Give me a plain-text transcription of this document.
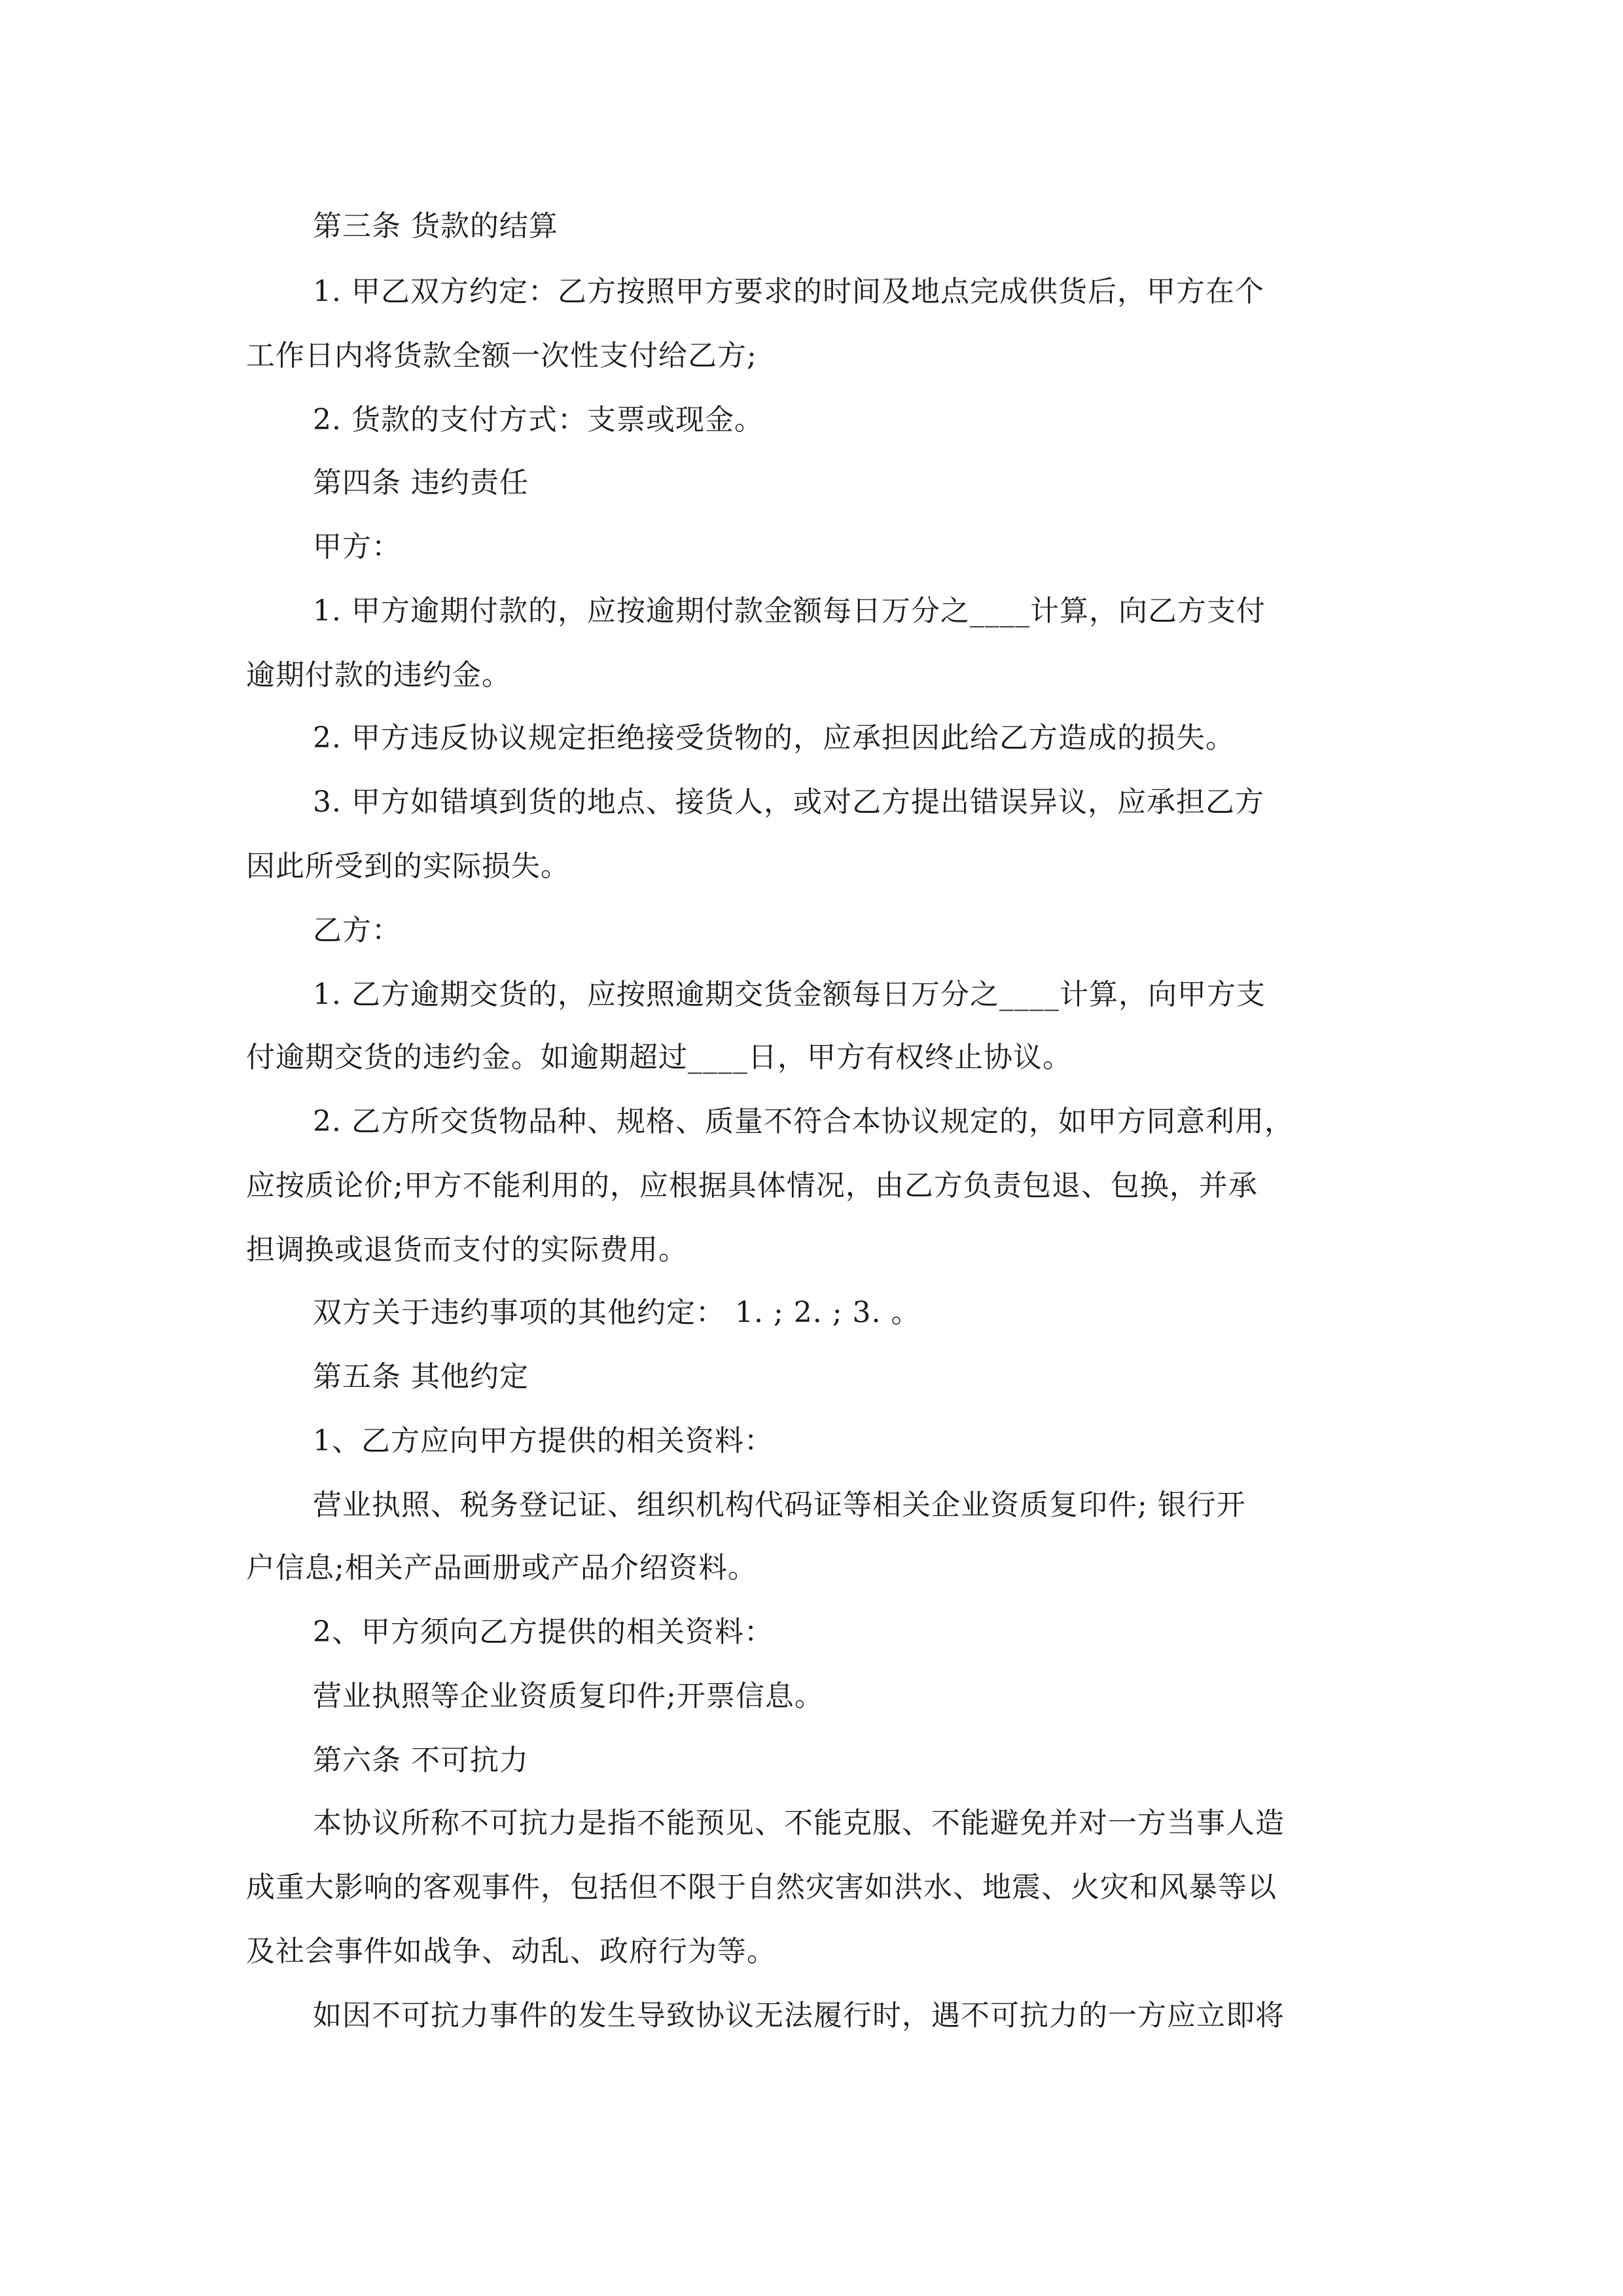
第三条 货款的结算
1. 甲乙双方约定：乙方按照甲方要求的时间及地点完成供货后，甲方在个
工作日内将货款全额一次性支付给乙方;
2. 货款的支付方式：支票或现金。
第四条 违约责任
甲方：
1. 甲方逾期付款的，应按逾期付款金额每日万分之____计算，向乙方支付
逾期付款的违约金。
2. 甲方违反协议规定拒绝接受货物的，应承担因此给乙方造成的损失。
3. 甲方如错填到货的地点、接货人，或对乙方提出错误异议，应承担乙方
因此所受到的实际损失。
乙方：
1. 乙方逾期交货的，应按照逾期交货金额每日万分之____计算，向甲方支
付逾期交货的违约金。如逾期超过____日，甲方有权终止协议。
2. 乙方所交货物品种、规格、质量不符合本协议规定的，如甲方同意利用，
应按质论价;甲方不能利用的，应根据具体情况，由乙方负责包退、包换，并承
担调换或退货而支付的实际费用。
双方关于违约事项的其他约定： 1. ; 2. ; 3. 。
第五条 其他约定
1、乙方应向甲方提供的相关资料：
营业执照、税务登记证、组织机构代码证等相关企业资质复印件; 银行开
户信息;相关产品画册或产品介绍资料。
2、甲方须向乙方提供的相关资料：
营业执照等企业资质复印件;开票信息。
第六条 不可抗力
本协议所称不可抗力是指不能预见、不能克服、不能避免并对一方当事人造
成重大影响的客观事件，包括但不限于自然灾害如洪水、地震、火灾和风暴等以
及社会事件如战争、动乱、政府行为等。
如因不可抗力事件的发生导致协议无法履行时，遇不可抗力的一方应立即将
